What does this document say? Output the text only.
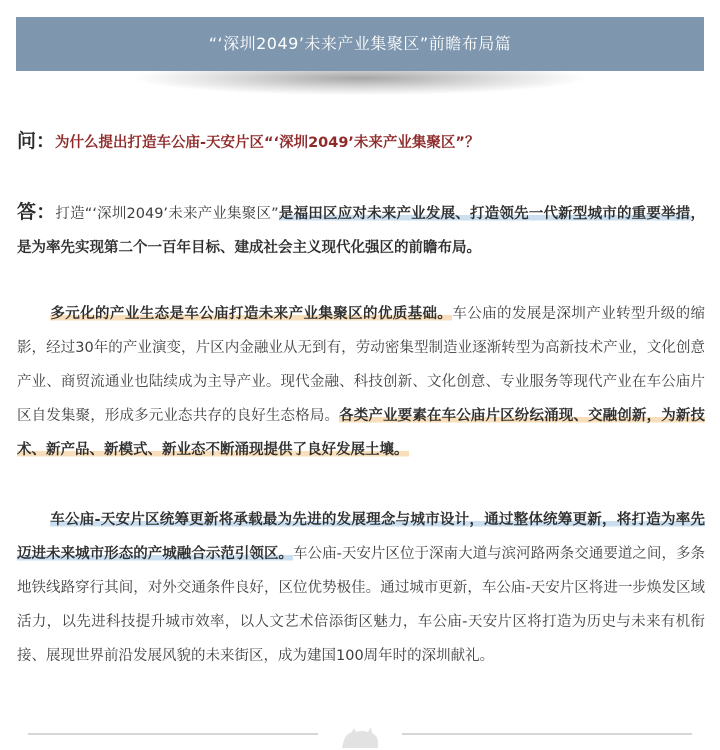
“‘深圳2049’未来产业集聚区”前瞻布局篇
问：为什么提出打造车公庙-天安片区“‘深圳2049’未来产业集聚区”？
答：打造“‘深圳2049’未来产业集聚区”是福田区应对未来产业发展、打造领先一代新型城市的重要举措，是为率先实现第二个一百年目标、建成社会主义现代化强区的前瞻布局。
多元化的产业生态是车公庙打造未来产业集聚区的优质基础。车公庙的发展是深圳产业转型升级的缩影，经过30年的产业演变，片区内金融业从无到有，劳动密集型制造业逐渐转型为高新技术产业，文化创意产业、商贸流通业也陆续成为主导产业。现代金融、科技创新、文化创意、专业服务等现代产业在车公庙片区自发集聚，形成多元业态共存的良好生态格局。各类产业要素在车公庙片区纷纭涌现、交融创新，为新技术、新产品、新模式、新业态不断涌现提供了良好发展土壤。
车公庙-天安片区统筹更新将承载最为先进的发展理念与城市设计，通过整体统筹更新，将打造为率先迈进未来城市形态的产城融合示范引领区。车公庙-天安片区位于深南大道与滨河路两条交通要道之间，多条地铁线路穿行其间，对外交通条件良好，区位优势极佳。通过城市更新，车公庙-天安片区将进一步焕发区域活力，以先进科技提升城市效率，以人文艺术倍添街区魅力，车公庙-天安片区将打造为历史与未来有机衔接、展现世界前沿发展风貌的未来街区，成为建国100周年时的深圳献礼。
